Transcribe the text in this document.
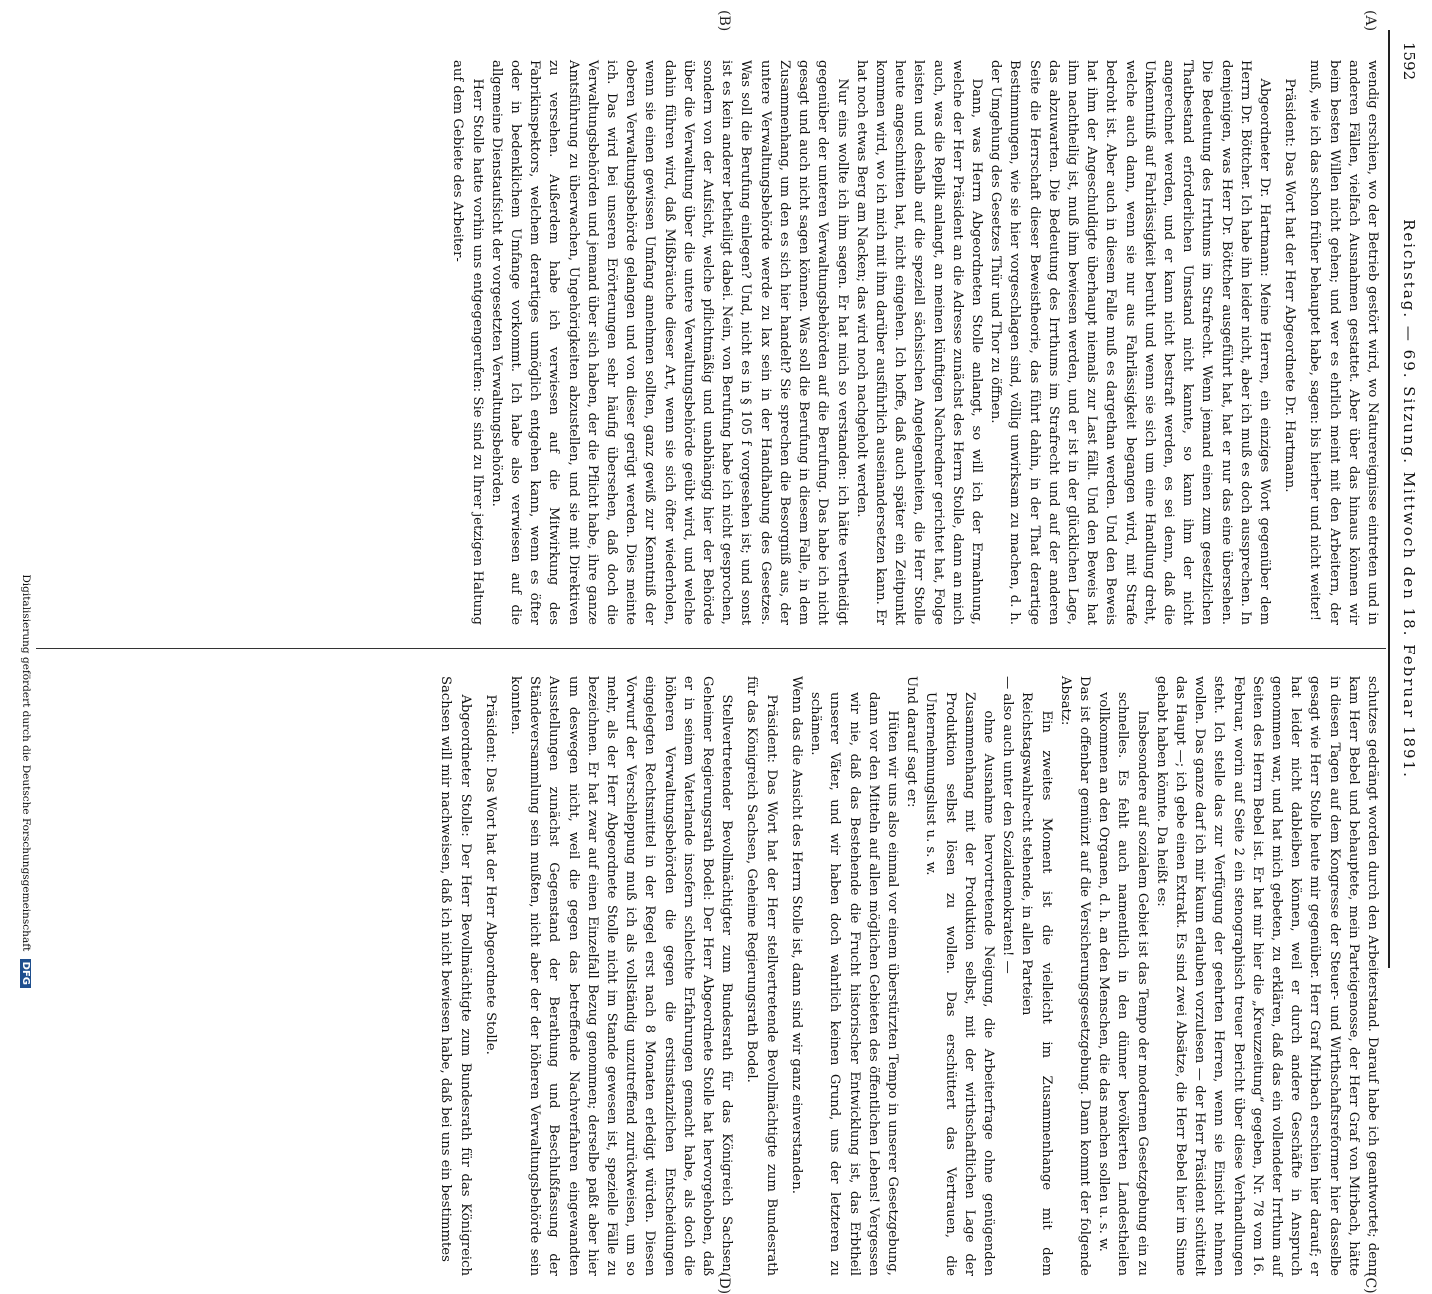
1592
Reichstag. — 69. Sitzung. Mittwoch den 18. Februar 1891.
(A)
(B)
(C)
(D)

wendig erschien, wo der Betrieb gestört wird, wo Naturereignisse eintreten und in anderen Fällen, vielfach Ausnahmen gestattet. Aber über das hinaus können wir beim besten Willen nicht gehen; und wer es ehrlich meint mit den Arbeitern, der muß, wie ich das schon früher behauptet habe, sagen: bis hierher und nicht weiter!

Präsident: Das Wort hat der Herr Abgeordnete Dr. Hartmann.

Abgeordneter Dr. Hartmann: Meine Herren, ein einziges Wort gegenüber dem Herrn Dr. Böttcher. Ich habe ihn leider nicht, aber ich muß es doch aussprechen. In demjenigen, was Herr Dr. Böttcher ausgeführt hat, hat er nur das eine übersehen. Die Bedeutung des Irrthums im Strafrecht. Wenn jemand einen zum gesetzlichen Thatbestand erforderlichen Umstand nicht kannte, so kann ihm der nicht angerechnet werden, und er kann nicht bestraft werden, es sei denn, daß die Unkenntniß auf Fahrlässigkeit beruht und wenn sie sich um eine Handlung dreht, welche auch dann, wenn sie nur aus Fahrlässigkeit begangen wird, mit Strafe bedroht ist. Aber auch in diesem Falle muß es dargethan werden. Und den Beweis hat ihm der Angeschuldigte überhaupt niemals zur Last fällt. Und den Beweis hat ihm nachtheilig ist, muß ihm bewiesen werden, und er ist in der glücklichen Lage, das abzuwarten. Die Bedeutung des Irrthums im Strafrecht und auf der anderen Seite die Herrschaft dieser Beweistheorie, das führt dahin, in der That derartige Bestimmungen, wie sie hier vorgeschlagen sind, völlig unwirksam zu machen, d. h. der Umgehung des Gesetzes Thür und Thor zu öffnen.

Dann, was Herrn Abgeordneten Stolle anlangt, so will ich der Ermahnung, welche der Herr Präsident an die Adresse zunächst des Herrn Stolle, dann an mich auch, was die Replik anlangt, an meinen künftigen Nachredner gerichtet hat, Folge leisten und deshalb auf die speziell sächsischen Angelegenheiten, die Herr Stolle heute angeschnitten hat, nicht eingehen. Ich hoffe, daß auch später ein Zeitpunkt kommen wird, wo ich mich mit ihm darüber ausführlich auseinandersetzen kann. Er hat noch etwas Berg am Nacken; das wird noch nachgeholt werden.

Nur eins wollte ich ihm sagen. Er hat mich so verstanden: ich hätte vertheidigt gegenüber der unteren Verwaltungsbehörden auf die Berufung. Das habe ich nicht gesagt und auch nicht sagen können. Was soll die Berufung in diesem Falle, in dem Zusammenhang, um den es sich hier handelt? Sie sprechen die Besorgniß aus, der untere Verwaltungsbehörde werde zu lax sein in der Handhabung des Gesetzes. Was soll die Berufung einlegen? Und, nicht es in § 105 f vorgesehen ist; und sonst ist es kein anderer betheiligt dabei. Nein, von Berufung habe ich nicht gesprochen, sondern von der Aufsicht, welche pflichtmäßig und unabhängig hier der Behörde über die Verwaltung über die untere Verwaltungsbehörde geübt wird, und welche dahin führen wird, daß Mißbräuche dieser Art, wenn sie sich öfter wiederholen, wenn sie einen gewissen Umfang annehmen sollten, ganz gewiß zur Kenntniß der oberen Verwaltungsbehörde gelangen und von dieser gerügt werden. Dies meinte ich. Das wird bei unseren Erörterungen sehr häufig übersehen, daß doch die Verwaltungsbehörden und jemand über sich haben, der die Pflicht habe, ihre ganze Amtsführung zu überwachen, Ungehörigkeiten abzustellen, und sie mit Direktiven zu versehen. Außerdem habe ich verwiesen auf die Mitwirkung des Fabrikinspektors, welchem derartiges unmöglich entgehen kann, wenn es öfter oder in bedenklichem Umfange vorkommt. Ich habe also verwiesen auf die allgemeine Dienstaufsicht der vorgesetzten Verwaltungsbehörden.

Herr Stolle hatte vorhin uns entgegengerufen: Sie sind zu Ihrer jetzigen Haltung auf dem Gebiete des Arbeiter-

schutzes gedrängt worden durch den Arbeiterstand. Darauf habe ich geantwortet; denn kam Herr Bebel und behauptete, mein Parteigenosse, der Herr Graf von Mirbach, hätte in diesen Tagen auf dem Kongresse der Steuer- und Wirthschaftsreformer hier dasselbe gesagt wie Herr Stolle heute mir gegenüber. Herr Graf Mirbach erschien hier darauf; er hat leider nicht dableiben können, weil er durch andere Geschäfte in Anspruch genommen war, und hat mich gebeten, zu erklären, daß das ein vollendeter Irrthum auf Seiten des Herrn Bebel ist. Er hat mir hier die „Kreuzzeitung“ gegeben, Nr. 78 vom 16. Februar, worin auf Seite 2 ein stenographisch treuer Bericht über diese Verhandlungen steht. Ich stelle das zur Verfügung der geehrten Herren, wenn sie Einsicht nehmen wollen. Das ganze darf ich mir kaum erlauben vorzulesen — der Herr Präsident schüttelt das Haupt —; ich gebe einen Extrakt. Es sind zwei Absätze, die Herr Bebel hier im Sinne gehabt haben könnte. Da heißt es:

Insbesondere auf sozialem Gebiet ist das Tempo der modernen Gesetzgebung ein zu schnelles. Es fehlt auch namentlich in den dünner bevölkerten Landestheilen vollkommen an den Organen, d. h. an den Menschen, die das machen sollen u. s. w.

Das ist offenbar gemünzt auf die Versicherungsgesetzgebung. Dann kommt der folgende Absatz:

Ein zweites Moment ist die vielleicht im Zusammenhange mit dem Reichstagswahlrecht stehende, in allen Parteien

— also auch unter den Sozialdemokraten! —

ohne Ausnahme hervortretende Neigung, die Arbeiterfrage ohne genügenden Zusammenhang mit der Produktion selbst, mit der wirthschaftlichen Lage der Produktion selbst lösen zu wollen. Das erschüttert das Vertrauen, die Unternehmungslust u. s. w.

Und darauf sagt er:

Hüten wir uns also einmal vor einem überstürzten Tempo in unserer Gesetzgebung, dann vor den Mitteln auf allen möglichen Gebieten des öffentlichen Lebens! Vergessen wir nie, daß das Bestehende die Frucht historischer Entwicklung ist, das Erbtheil unserer Väter, und wir haben doch wahrlich keinen Grund, uns der letzteren zu schämen.

Wenn das die Ansicht des Herrn Stolle ist, dann sind wir ganz einverstanden.

Präsident: Das Wort hat der Herr stellvertretende Bevollmächtigte zum Bundesrath für das Königreich Sachsen, Geheime Regierungsrath Bodel.

Stellvertretender Bevollmächtigter zum Bundesrath für das Königreich Sachsen, Geheimer Regierungsrath Bodel: Der Herr Abgeordnete Stolle hat hervorgehoben, daß er in seinem Vaterlande insofern schlechte Erfahrungen gemacht habe, als doch die höheren Verwaltungsbehörden die gegen die erstinstanzlichen Entscheidungen eingelegten Rechtsmittel in der Regel erst nach 8 Monaten erledigt würden. Diesen Vorwurf der Verschleppung muß ich als vollständig unzutreffend zurückweisen, um so mehr, als der Herr Abgeordnete Stolle nicht im Stande gewesen ist, spezielle Fälle zu bezeichnen. Er hat zwar auf einen Einzelfall Bezug genommen; derselbe paßt aber hier um deswegen nicht, weil die gegen das betreffende Nachverfahren eingewandten Ausstellungen zunächst Gegenstand der Berathung und Beschlußfassung der Ständeversammlung sein mußten, nicht aber der der höheren Verwaltungsbehörde sein konnten.

Präsident: Das Wort hat der Herr Abgeordnete Stolle.

Abgeordneter Stolle: Der Herr Bevollmächtigte zum Bundesrath für das Königreich Sachsen will mir nachweisen, daß ich nicht bewiesen habe, daß bei uns ein bestimmtes

Digitalisierung gefördert durch die Deutsche Forschungsgemeinschaft DFG
